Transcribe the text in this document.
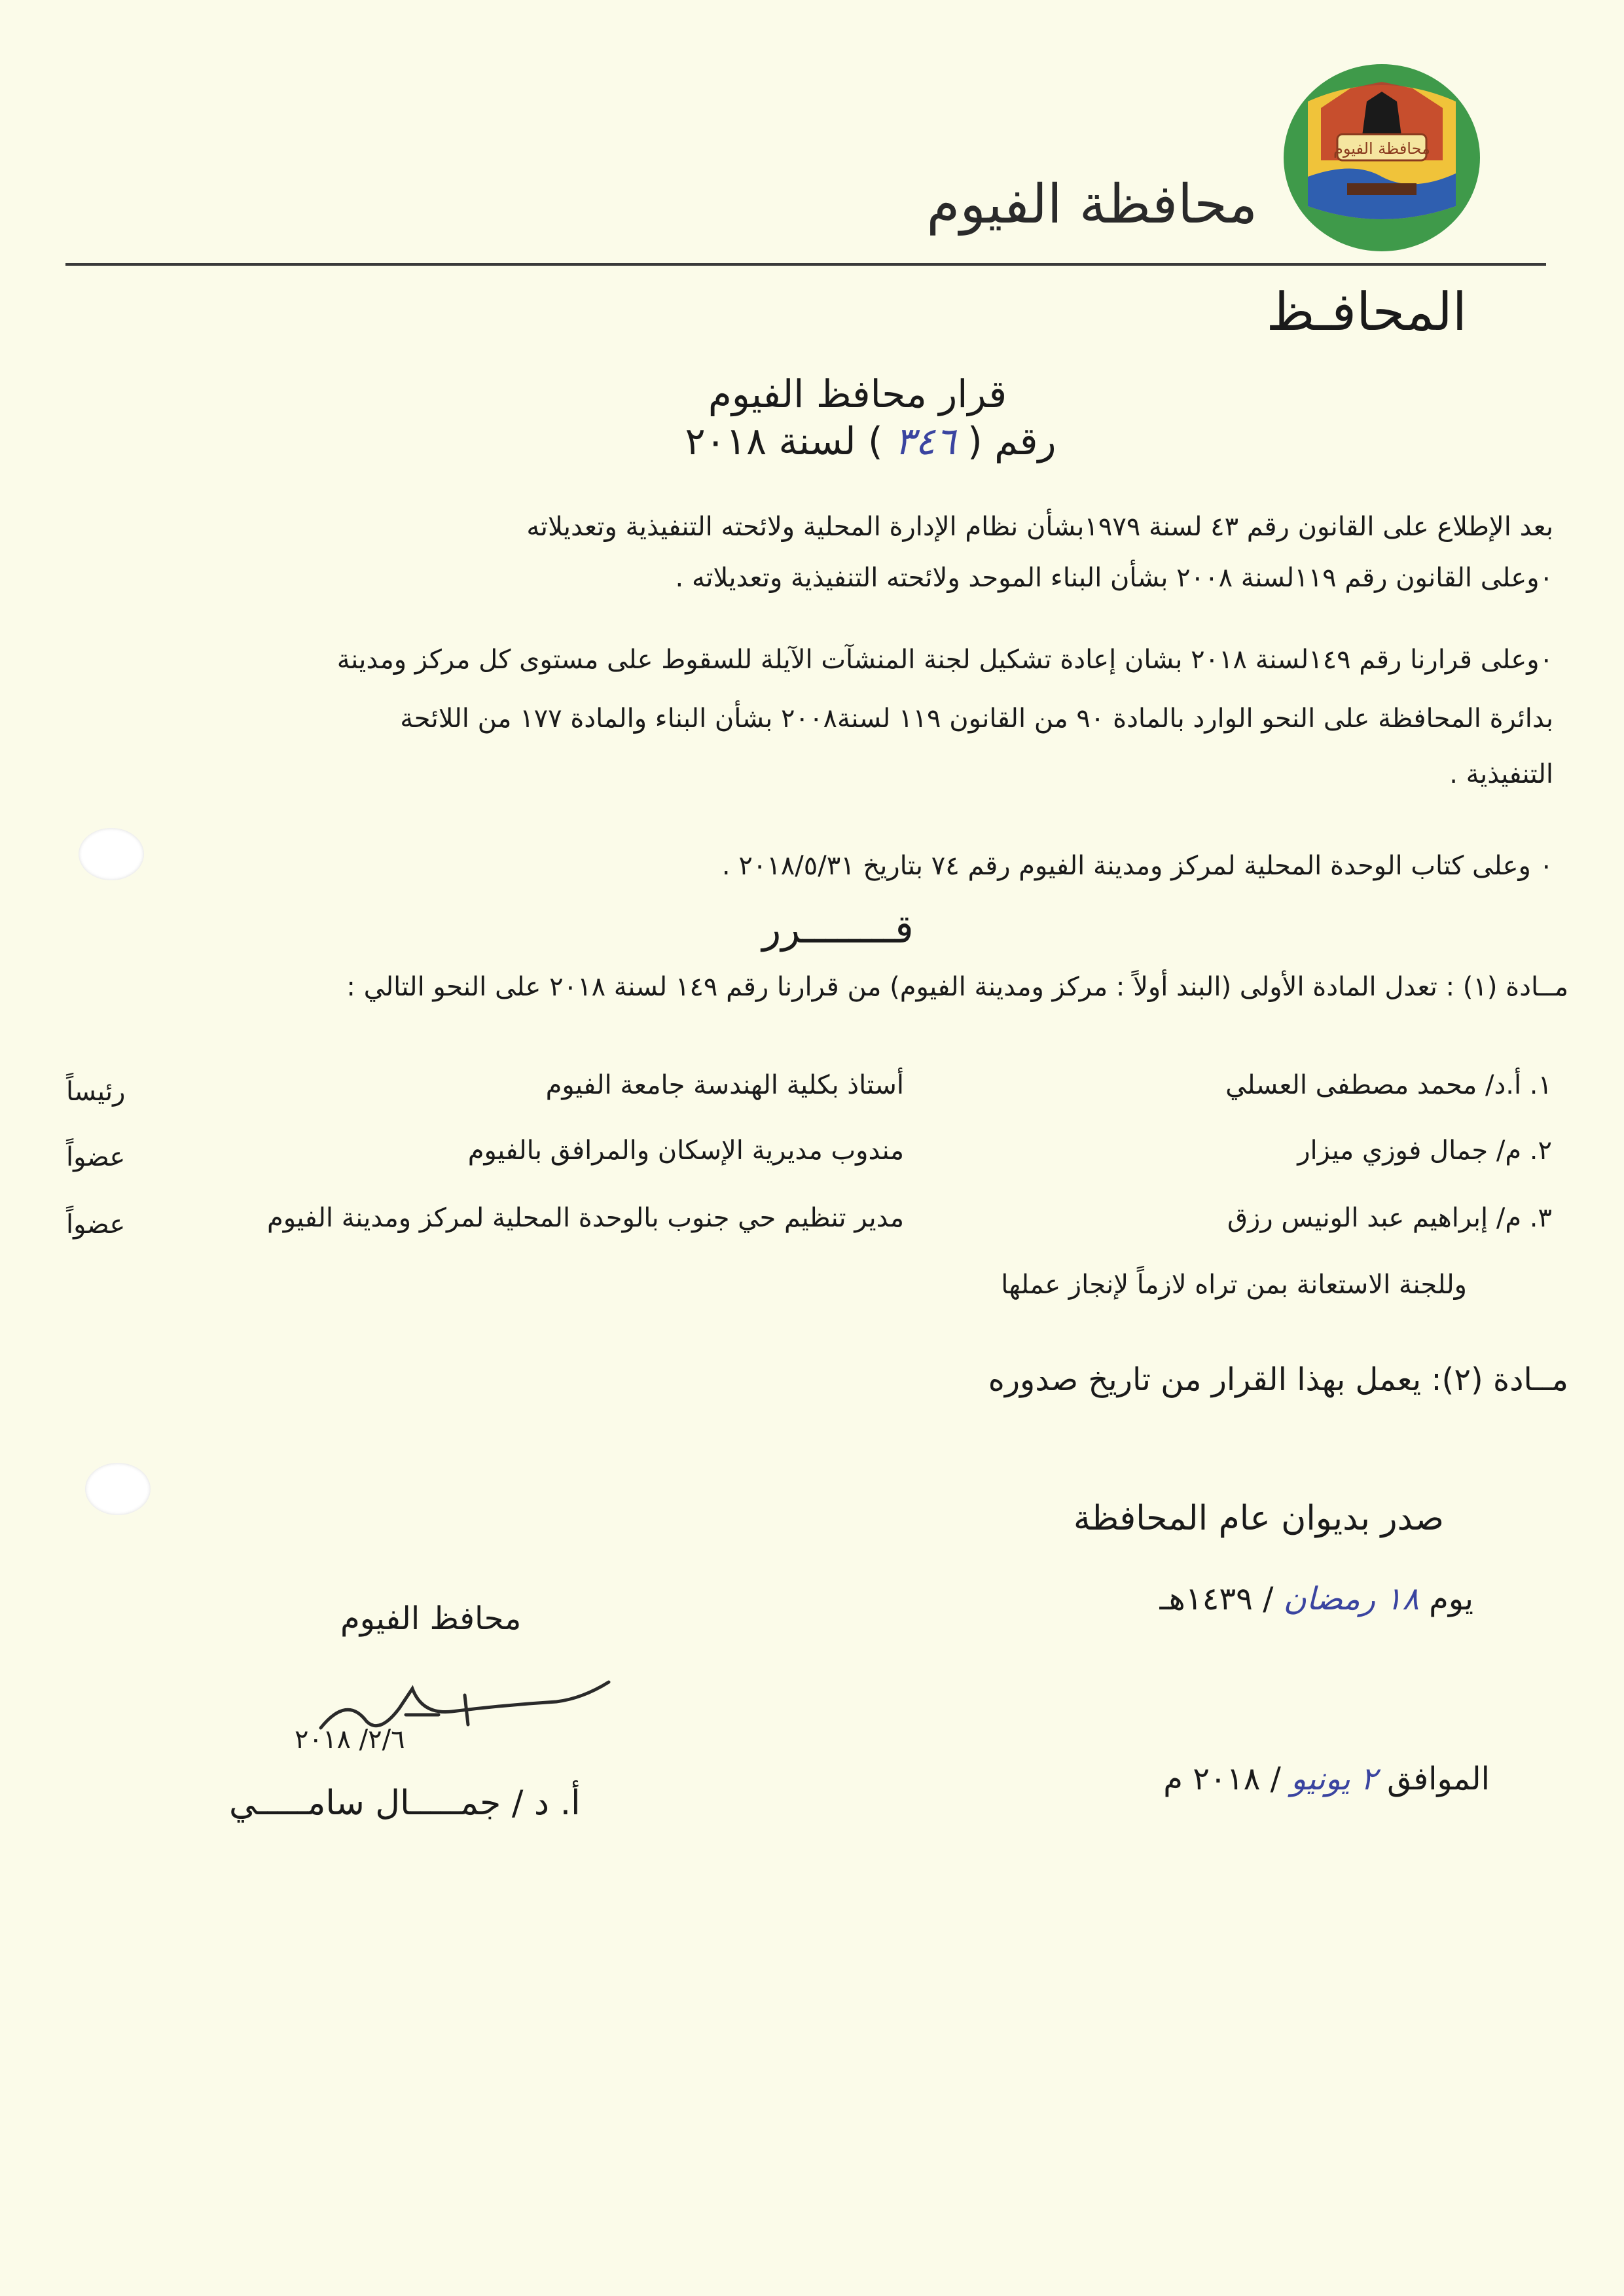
محافظة الفيوم
محافظة الفيوم
المحافـظ
قرار محافظ الفيوم
رقم (٣٤٦) لسنة ٢٠١٨
بعد الإطلاع على القانون رقم ٤٣ لسنة ١٩٧٩بشأن نظام الإدارة المحلية ولائحته التنفيذية وتعديلاته
٠وعلى القانون رقم ١١٩لسنة ٢٠٠٨ بشأن البناء الموحد ولائحته التنفيذية وتعديلاته .
٠وعلى قرارنا رقم ١٤٩لسنة ٢٠١٨ بشان إعادة تشكيل لجنة المنشآت الآيلة للسقوط على مستوى كل مركز ومدينة
بدائرة المحافظة على النحو الوارد بالمادة ٩٠ من القانون ١١٩ لسنة٢٠٠٨ بشأن البناء والمادة ١٧٧ من اللائحة
التنفيذية .
٠ وعلى كتاب الوحدة المحلية لمركز ومدينة الفيوم رقم ٧٤ بتاريخ ٢٠١٨/٥/٣١ .
قــــــــرر
مــادة (١) : تعدل المادة الأولى (البند أولاً : مركز ومدينة الفيوم) من قرارنا رقم ١٤٩ لسنة ٢٠١٨ على النحو التالي :
١. أ.د/ محمد مصطفى العسلي
أستاذ بكلية الهندسة جامعة الفيوم
رئيساً
٢. م/ جمال فوزي ميزار
مندوب مديرية الإسكان والمرافق بالفيوم
عضواً
٣. م/ إبراهيم عبد الونيس رزق
مدير تنظيم حي جنوب بالوحدة المحلية لمركز ومدينة الفيوم
عضواً
وللجنة الاستعانة بمن تراه لازماً لإنجاز عملها
مــادة (٢): يعمل بهذا القرار من تاريخ صدوره
صدر بديوان عام المحافظة
يوم ١٨ رمضان / ١٤٣٩هـ
الموافق ٢ يونيو / ٢٠١٨ م
محافظ الفيوم
٢/٦/ ٢٠١٨
أ. د / جمـــــال سامـــــي
